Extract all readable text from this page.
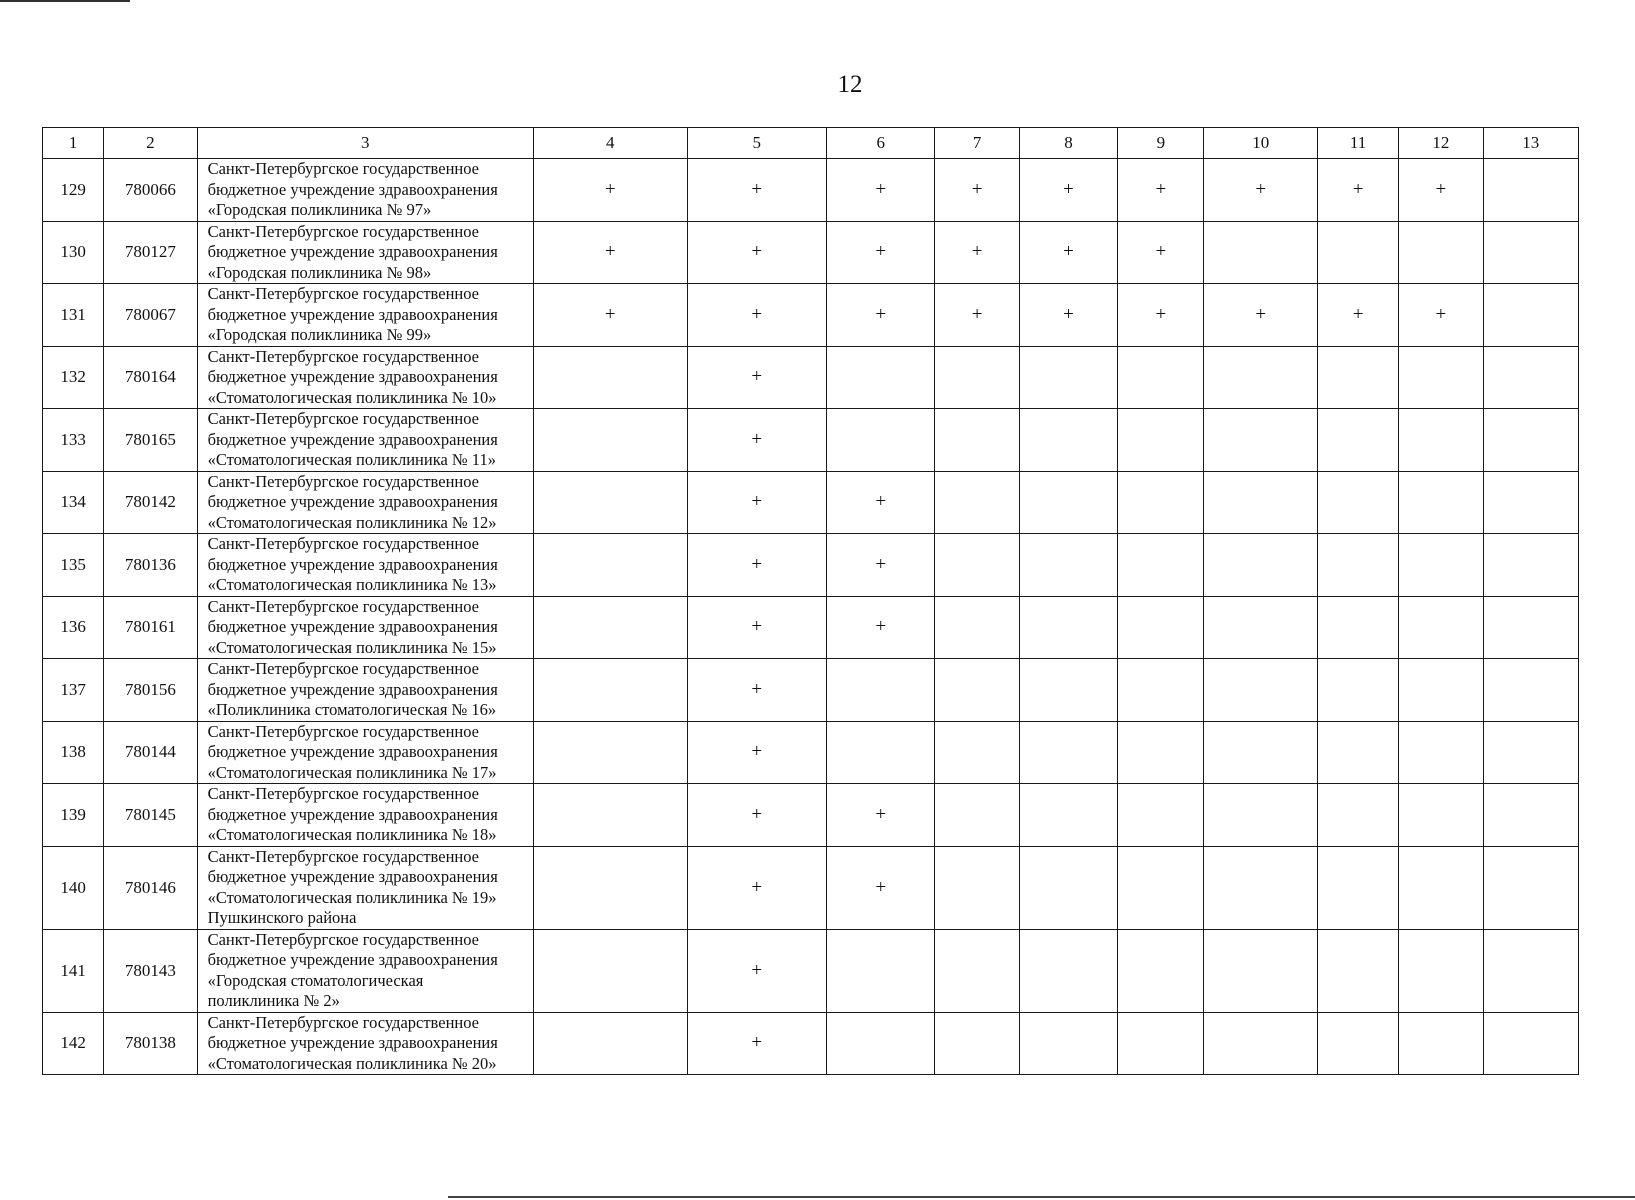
12
1	2	3	4	5	6	7	8	9	10	11	12	13
129	780066	Санкт-Петербургское государственное
бюджетное учреждение здравоохранения
«Городская поликлиника № 97»	+	+	+	+	+	+	+	+	+	
130	780127	Санкт-Петербургское государственное
бюджетное учреждение здравоохранения
«Городская поликлиника № 98»	+	+	+	+	+	+				
131	780067	Санкт-Петербургское государственное
бюджетное учреждение здравоохранения
«Городская поликлиника № 99»	+	+	+	+	+	+	+	+	+	
132	780164	Санкт-Петербургское государственное
бюджетное учреждение здравоохранения
«Стоматологическая поликлиника № 10»		+								
133	780165	Санкт-Петербургское государственное
бюджетное учреждение здравоохранения
«Стоматологическая поликлиника № 11»		+								
134	780142	Санкт-Петербургское государственное
бюджетное учреждение здравоохранения
«Стоматологическая поликлиника № 12»		+	+							
135	780136	Санкт-Петербургское государственное
бюджетное учреждение здравоохранения
«Стоматологическая поликлиника № 13»		+	+							
136	780161	Санкт-Петербургское государственное
бюджетное учреждение здравоохранения
«Стоматологическая поликлиника № 15»		+	+							
137	780156	Санкт-Петербургское государственное
бюджетное учреждение здравоохранения
«Поликлиника стоматологическая № 16»		+								
138	780144	Санкт-Петербургское государственное
бюджетное учреждение здравоохранения
«Стоматологическая поликлиника № 17»		+								
139	780145	Санкт-Петербургское государственное
бюджетное учреждение здравоохранения
«Стоматологическая поликлиника № 18»		+	+							
140	780146	Санкт-Петербургское государственное
бюджетное учреждение здравоохранения
«Стоматологическая поликлиника № 19»
Пушкинского района		+	+							
141	780143	Санкт-Петербургское государственное
бюджетное учреждение здравоохранения
«Городская стоматологическая
поликлиника № 2»		+								
142	780138	Санкт-Петербургское государственное
бюджетное учреждение здравоохранения
«Стоматологическая поликлиника № 20»		+								
